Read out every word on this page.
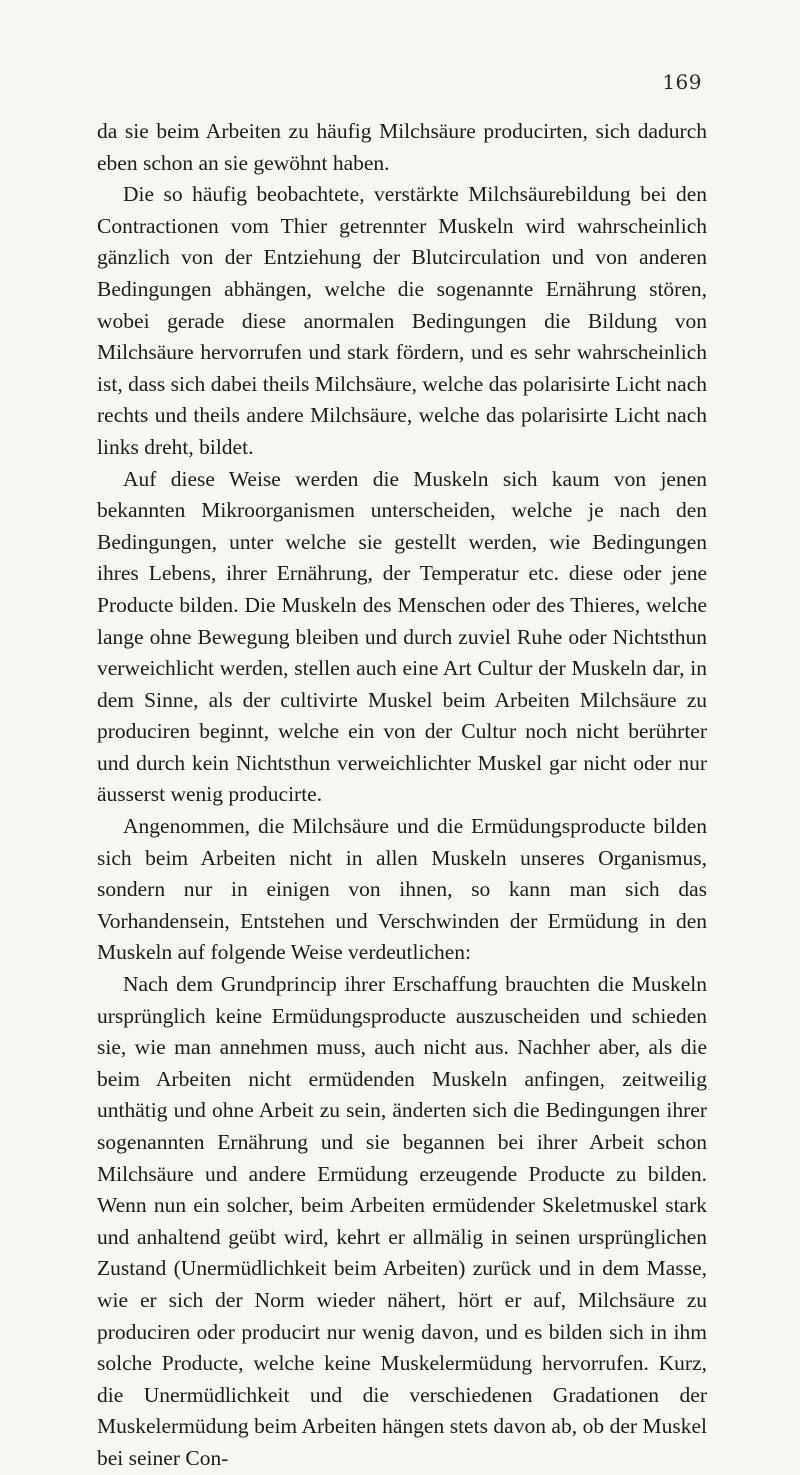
169

da sie beim Arbeiten zu häufig Milchsäure producirten, sich dadurch eben schon an sie gewöhnt haben.

Die so häufig beobachtete, verstärkte Milchsäurebildung bei den Contractionen vom Thier getrennter Muskeln wird wahrscheinlich gänzlich von der Entziehung der Blutcirculation und von anderen Bedingungen abhängen, welche die sogenannte Ernährung stören, wobei gerade diese anormalen Bedingungen die Bildung von Milchsäure hervorrufen und stark fördern, und es sehr wahrscheinlich ist, dass sich dabei theils Milchsäure, welche das polarisirte Licht nach rechts und theils andere Milchsäure, welche das polarisirte Licht nach links dreht, bildet.

Auf diese Weise werden die Muskeln sich kaum von jenen bekannten Mikroorganismen unterscheiden, welche je nach den Bedingungen, unter welche sie gestellt werden, wie Bedingungen ihres Lebens, ihrer Ernährung, der Temperatur etc. diese oder jene Producte bilden. Die Muskeln des Menschen oder des Thieres, welche lange ohne Bewegung bleiben und durch zuviel Ruhe oder Nichtsthun verweichlicht werden, stellen auch eine Art Cultur der Muskeln dar, in dem Sinne, als der cultivirte Muskel beim Arbeiten Milchsäure zu produciren beginnt, welche ein von der Cultur noch nicht berührter und durch kein Nichtsthun verweichlichter Muskel gar nicht oder nur äusserst wenig producirte.

Angenommen, die Milchsäure und die Ermüdungsproducte bilden sich beim Arbeiten nicht in allen Muskeln unseres Organismus, sondern nur in einigen von ihnen, so kann man sich das Vorhandensein, Entstehen und Verschwinden der Ermüdung in den Muskeln auf folgende Weise verdeutlichen:

Nach dem Grundprincip ihrer Erschaffung brauchten die Muskeln ursprünglich keine Ermüdungsproducte auszuscheiden und schieden sie, wie man annehmen muss, auch nicht aus. Nachher aber, als die beim Arbeiten nicht ermüdenden Muskeln anfingen, zeitweilig unthätig und ohne Arbeit zu sein, änderten sich die Bedingungen ihrer sogenannten Ernährung und sie begannen bei ihrer Arbeit schon Milchsäure und andere Ermüdung erzeugende Producte zu bilden. Wenn nun ein solcher, beim Arbeiten ermüdender Skeletmuskel stark und anhaltend geübt wird, kehrt er allmälig in seinen ursprünglichen Zustand (Unermüdlichkeit beim Arbeiten) zurück und in dem Masse, wie er sich der Norm wieder nähert, hört er auf, Milchsäure zu produciren oder producirt nur wenig davon, und es bilden sich in ihm solche Producte, welche keine Muskelermüdung hervorrufen. Kurz, die Unermüdlichkeit und die verschiedenen Gradationen der Muskelermüdung beim Arbeiten hängen stets davon ab, ob der Muskel bei seiner Con-
